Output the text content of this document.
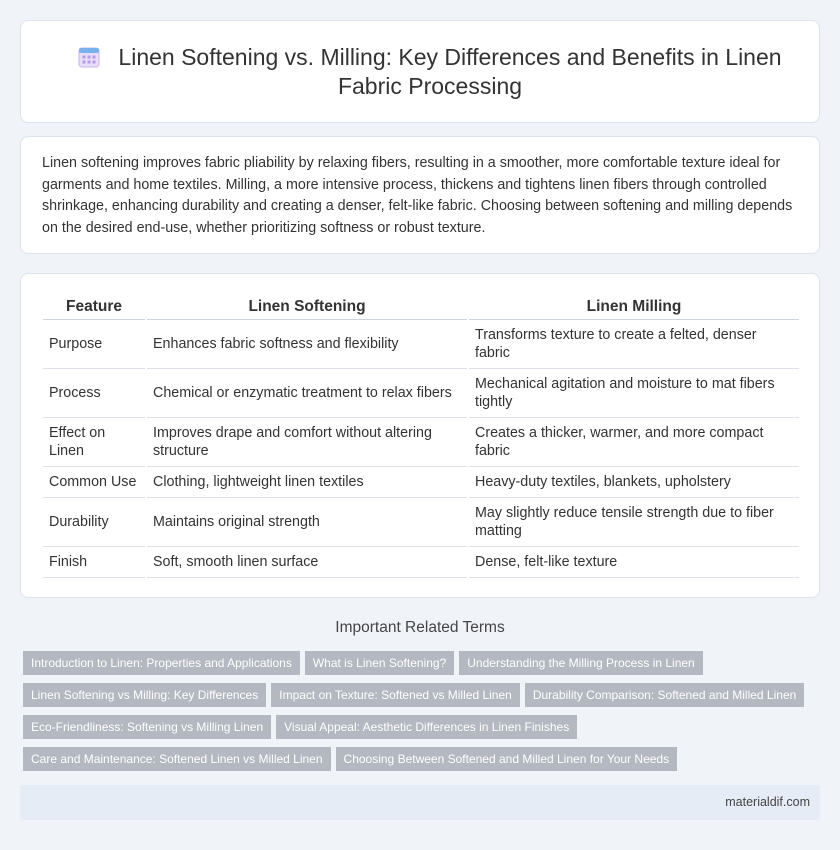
Linen Softening vs. Milling: Key Differences and Benefits in Linen Fabric Processing

Linen softening improves fabric pliability by relaxing fibers, resulting in a smoother, more comfortable texture ideal for garments and home textiles. Milling, a more intensive process, thickens and tightens linen fibers through controlled shrinkage, enhancing durability and creating a denser, felt-like fabric. Choosing between softening and milling depends on the desired end-use, whether prioritizing softness or robust texture.

Feature	Linen Softening	Linen Milling
Purpose	Enhances fabric softness and flexibility	Transforms texture to create a felted, denser fabric
Process	Chemical or enzymatic treatment to relax fibers	Mechanical agitation and moisture to mat fibers tightly
Effect on Linen	Improves drape and comfort without altering structure	Creates a thicker, warmer, and more compact fabric
Common Use	Clothing, lightweight linen textiles	Heavy-duty textiles, blankets, upholstery
Durability	Maintains original strength	May slightly reduce tensile strength due to fiber matting
Finish	Soft, smooth linen surface	Dense, felt-like texture
Important Related Terms
Introduction to Linen: Properties and Applications What is Linen Softening? Understanding the Milling Process in Linen
Linen Softening vs Milling: Key Differences Impact on Texture: Softened vs Milled Linen Durability Comparison: Softened and Milled Linen
Eco-Friendliness: Softening vs Milling Linen Visual Appeal: Aesthetic Differences in Linen Finishes
Care and Maintenance: Softened Linen vs Milled Linen Choosing Between Softened and Milled Linen for Your Needs
materialdif.com
